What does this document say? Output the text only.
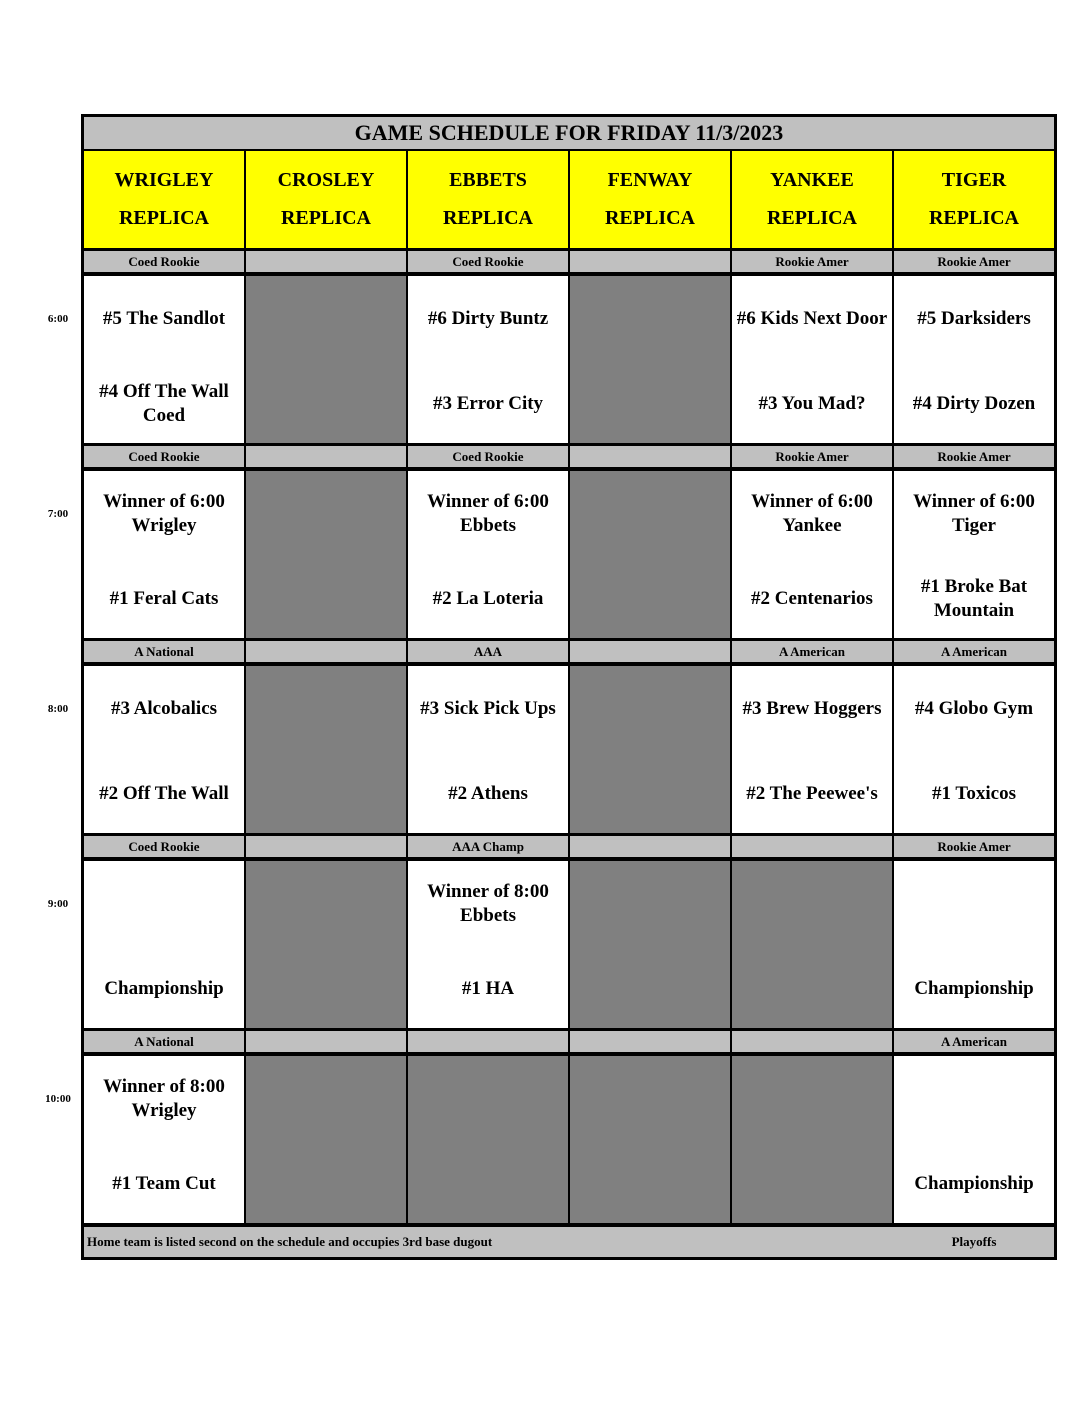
GAME SCHEDULE FOR FRIDAY 11/3/2023
WRIGLEY
REPLICA
CROSLEY
REPLICA
EBBETS
REPLICA
FENWAY
REPLICA
YANKEE
REPLICA
TIGER
REPLICA
6:00
Coed Rookie
#5 The Sandlot
#4 Off The Wall Coed
Coed Rookie
#6 Dirty Buntz
#3 Error City
Rookie Amer
#6 Kids Next Door
#3 You Mad?
Rookie Amer
#5 Darksiders
#4 Dirty Dozen
7:00
Coed Rookie
Winner of 6:00 Wrigley
#1 Feral Cats
Coed Rookie
Winner of 6:00 Ebbets
#2 La Loteria
Rookie Amer
Winner of 6:00 Yankee
#2 Centenarios
Rookie Amer
Winner of 6:00 Tiger
#1 Broke Bat Mountain
8:00
A National
#3 Alcobalics
#2 Off The Wall
AAA
#3 Sick Pick Ups
#2 Athens
A American
#3 Brew Hoggers
#2 The Peewee's
A American
#4 Globo Gym
#1 Toxicos
9:00
Coed Rookie
Championship
AAA Champ
Winner of 8:00 Ebbets
#1 HA
Rookie Amer
Championship
10:00
A National
Winner of 8:00 Wrigley
#1 Team Cut
A American
Championship
Home team is listed second on the schedule and occupies 3rd base dugout	Playoffs
